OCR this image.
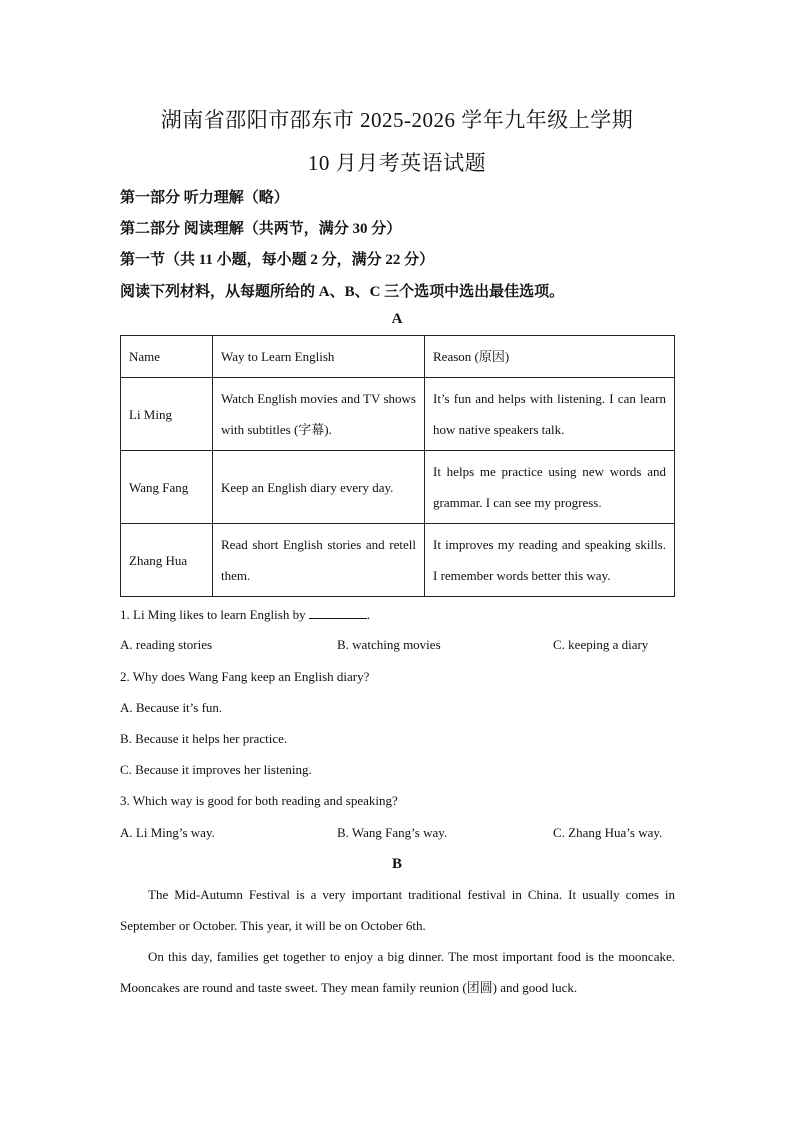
湖南省邵阳市邵东市 2025-2026 学年九年级上学期
10 月月考英语试题
第一部分 听力理解（略）
第二部分 阅读理解（共两节，满分 30 分）
第一节（共 11 小题，每小题 2 分，满分 22 分）
阅读下列材料，从每题所给的 A、B、C 三个选项中选出最佳选项。
A
Name	Way to Learn English	Reason (原因)
Li Ming	Watch English movies and TV shows with subtitles (字幕).	It’s fun and helps with listening. I can learn how native speakers talk.
Wang Fang	Keep an English diary every day.	It helps me practice using new words and grammar. I can see my progress.
Zhang Hua	Read short English stories and retell them.	It improves my reading and speaking skills. I remember words better this way.
1. Li Ming likes to learn English by	.
A. reading stories	B. watching movies	C. keeping a diary
2. Why does Wang Fang keep an English diary?
A. Because it’s fun.
B. Because it helps her practice.
C. Because it improves her listening.
3. Which way is good for both reading and speaking?
A. Li Ming’s way.	B. Wang Fang’s way.	C. Zhang Hua’s way.
B
The Mid-Autumn Festival is a very important traditional festival in China. It usually comes in September or October. This year, it will be on October 6th.
On this day, families get together to enjoy a big dinner. The most important food is the mooncake. Mooncakes are round and taste sweet. They mean family reunion (团圆) and good luck.
